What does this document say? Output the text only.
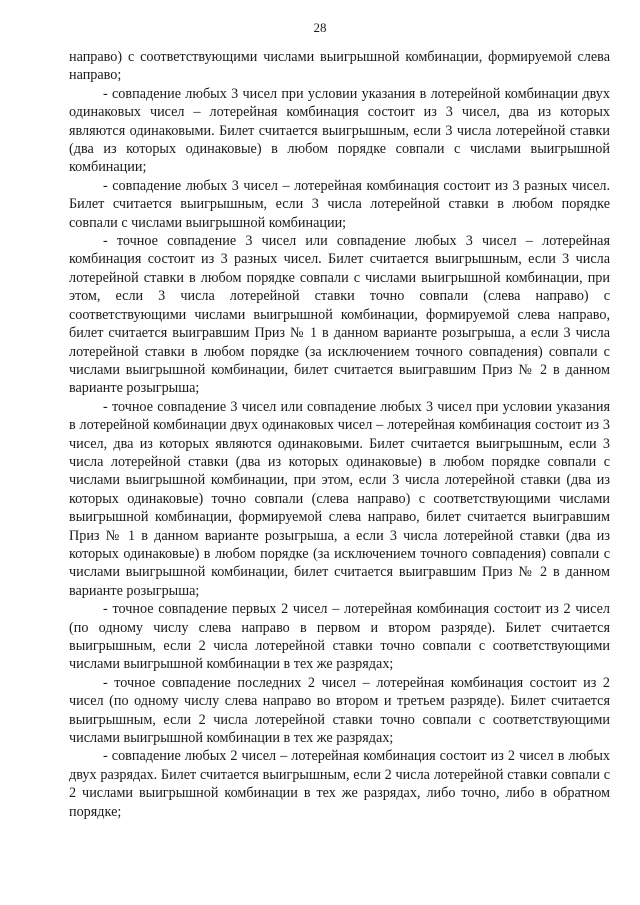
28

направо) с соответствующими числами выигрышной комбинации, формируемой слева направо;

- совпадение любых 3 чисел при условии указания в лотерейной комбинации двух одинаковых чисел – лотерейная комбинация состоит из 3 чисел, два из которых являются одинаковыми. Билет считается выигрышным, если 3 числа лотерейной ставки (два из которых одинаковые) в любом порядке совпали с числами выигрышной комбинации;

- совпадение любых 3 чисел – лотерейная комбинация состоит из 3 разных чисел. Билет считается выигрышным, если 3 числа лотерейной ставки в любом порядке совпали с числами выигрышной комбинации;

- точное совпадение 3 чисел или совпадение любых 3 чисел – лотерейная комбинация состоит из 3 разных чисел. Билет считается выигрышным, если 3 числа лотерейной ставки в любом порядке совпали с числами выигрышной комбинации, при этом, если 3 числа лотерейной ставки точно совпали (слева направо) с соответствующими числами выигрышной комбинации, формируемой слева направо, билет считается выигравшим Приз № 1 в данном варианте розыгрыша, а если 3 числа лотерейной ставки в любом порядке (за исключением точного совпадения) совпали с числами выигрышной комбинации, билет считается выигравшим Приз № 2 в данном варианте розыгрыша;

- точное совпадение 3 чисел или совпадение любых 3 чисел при условии указания в лотерейной комбинации двух одинаковых чисел – лотерейная комбинация состоит из 3 чисел, два из которых являются одинаковыми. Билет считается выигрышным, если 3 числа лотерейной ставки (два из которых одинаковые) в любом порядке совпали с числами выигрышной комбинации, при этом, если 3 числа лотерейной ставки (два из которых одинаковые) точно совпали (слева направо) с соответствующими числами выигрышной комбинации, формируемой слева направо, билет считается выигравшим Приз № 1 в данном варианте розыгрыша, а если 3 числа лотерейной ставки (два из которых одинаковые) в любом порядке (за исключением точного совпадения) совпали с числами выигрышной комбинации, билет считается выигравшим Приз № 2 в данном варианте розыгрыша;

- точное совпадение первых 2 чисел – лотерейная комбинация состоит из 2 чисел (по одному числу слева направо в первом и втором разряде). Билет считается выигрышным, если 2 числа лотерейной ставки точно совпали с соответствующими числами выигрышной комбинации в тех же разрядах;

- точное совпадение последних 2 чисел – лотерейная комбинация состоит из 2 чисел (по одному числу слева направо во втором и третьем разряде). Билет считается выигрышным, если 2 числа лотерейной ставки точно совпали с соответствующими числами выигрышной комбинации в тех же разрядах;

- совпадение любых 2 чисел – лотерейная комбинация состоит из 2 чисел в любых двух разрядах. Билет считается выигрышным, если 2 числа лотерейной ставки совпали с 2 числами выигрышной комбинации в тех же разрядах, либо точно, либо в обратном порядке;
